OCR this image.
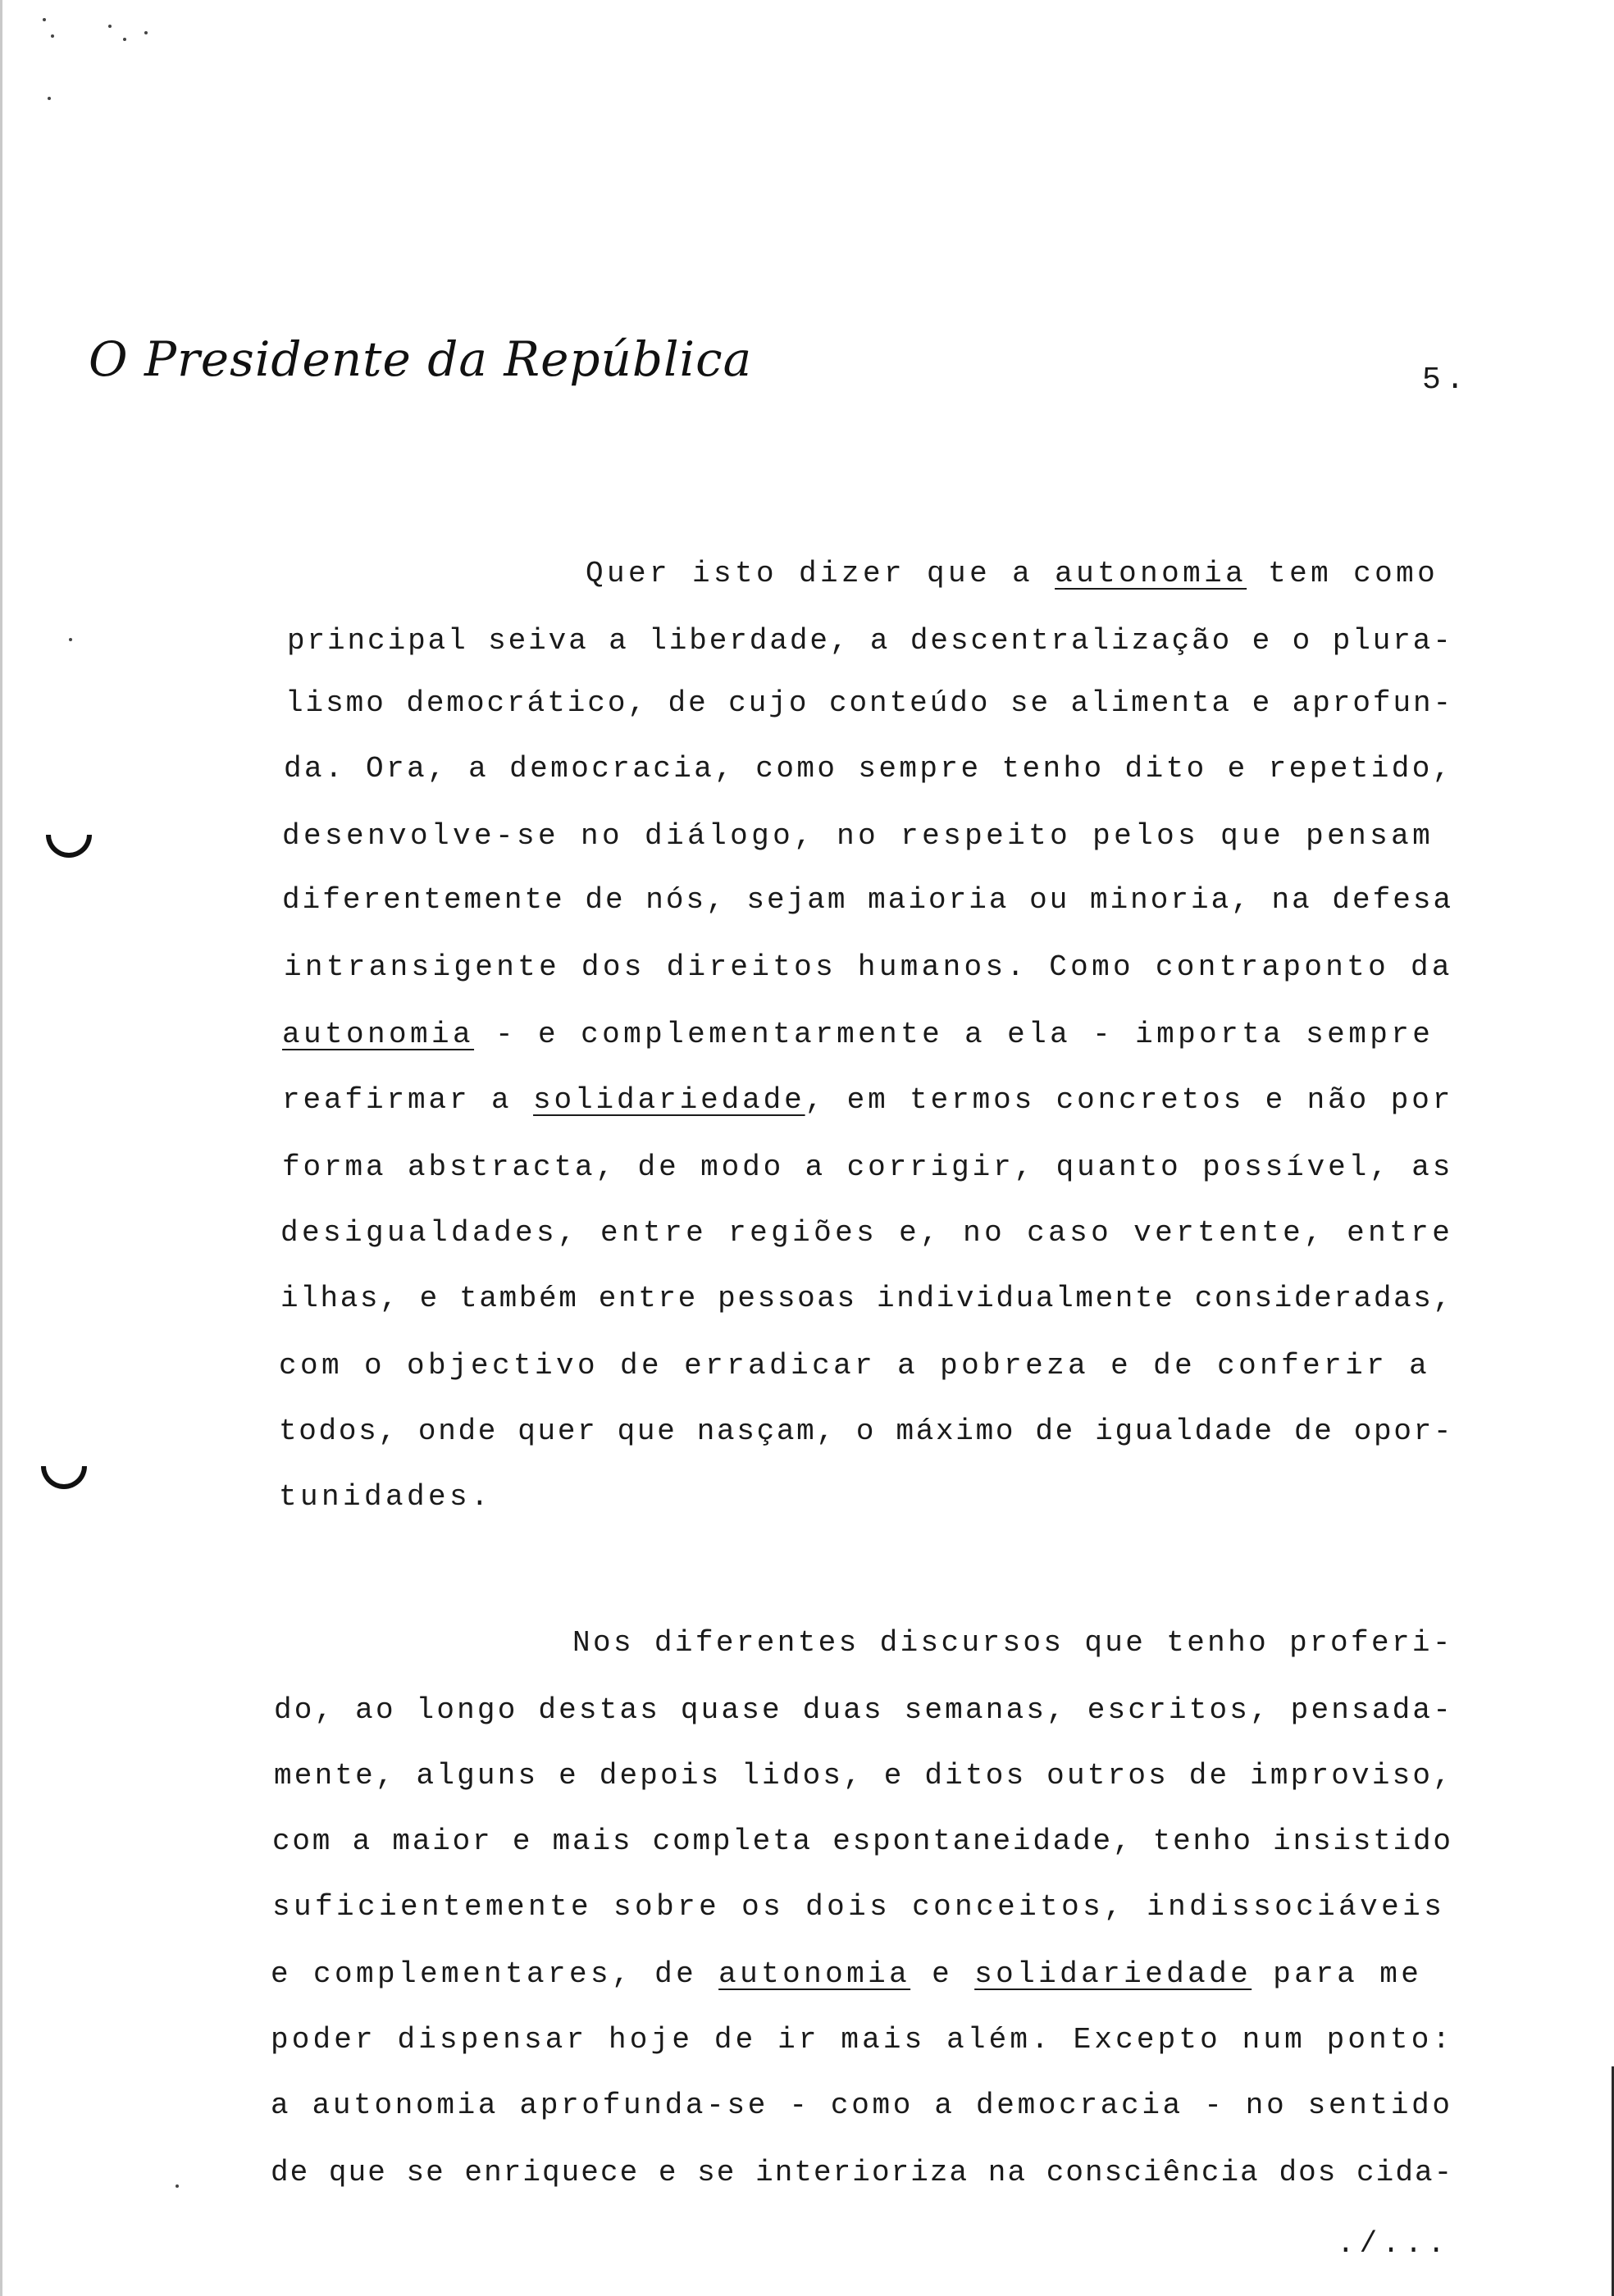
O Presidente da República	5.
Quer isto dizer que a autonomia tem como
principal seiva a liberdade, a descentralização e o plura-
lismo democrático, de cujo conteúdo se alimenta e aprofun-
da. Ora, a democracia, como sempre tenho dito e repetido,
desenvolve-se no diálogo, no respeito pelos que pensam
diferentemente de nós, sejam maioria ou minoria, na defesa
intransigente dos direitos humanos. Como contraponto da
autonomia - e complementarmente a ela - importa sempre
reafirmar a solidariedade, em termos concretos e não por
forma abstracta, de modo a corrigir, quanto possível, as
desigualdades, entre regiões e, no caso vertente, entre
ilhas, e também entre pessoas individualmente consideradas,
com o objectivo de erradicar a pobreza e de conferir a
todos, onde quer que nasçam, o máximo de igualdade de opor-
tunidades.
Nos diferentes discursos que tenho proferi-
do, ao longo destas quase duas semanas, escritos, pensada-
mente, alguns e depois lidos, e ditos outros de improviso,
com a maior e mais completa espontaneidade, tenho insistido
suficientemente sobre os dois conceitos, indissociáveis
e complementares, de autonomia e solidariedade para me
poder dispensar hoje de ir mais além. Excepto num ponto:
a autonomia aprofunda-se - como a democracia - no sentido
de que se enriquece e se interioriza na consciência dos cida-
./...
